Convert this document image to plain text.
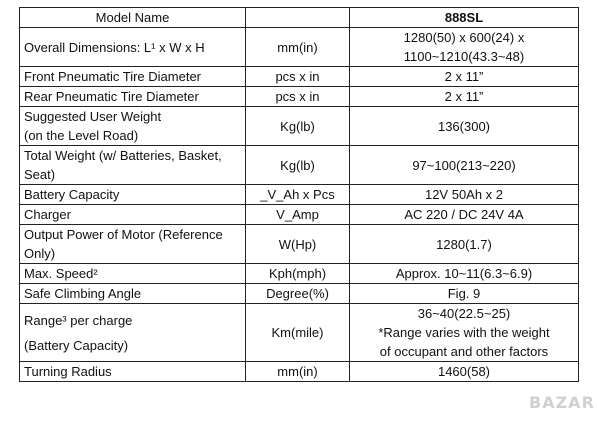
Model Name		888SL
Overall Dimensions: L¹ x W x H	mm(in)	1280(50) x 600(24) x
1100~1210(43.3~48)

Front Pneumatic Tire Diameter	pcs x in	2 x 11”
Rear Pneumatic Tire Diameter	pcs x in	2 x 11”

Suggested User Weight
(on the Level Road)	Kg(lb)	136(300)

Total Weight (w/ Batteries, Basket,
Seat)	Kg(lb)	97~100(213~220)
Battery Capacity	_V_Ah x Pcs	12V 50Ah x 2
Charger	V_Amp	AC 220 / DC 24V 4A

Output Power of Motor (Reference
Only)	W(Hp)	1280(1.7)
Max. Speed²	Kph(mph)	Approx. 10~11(6.3~6.9)
Safe Climbing Angle	Degree(%)	Fig. 9

Range³ per charge
(Battery Capacity)	Km(mile)	36~40(22.5~25)
*Range varies with the weight
of occupant and other factors

Turning Radius	mm(in)	1460(58)
BAZAR
